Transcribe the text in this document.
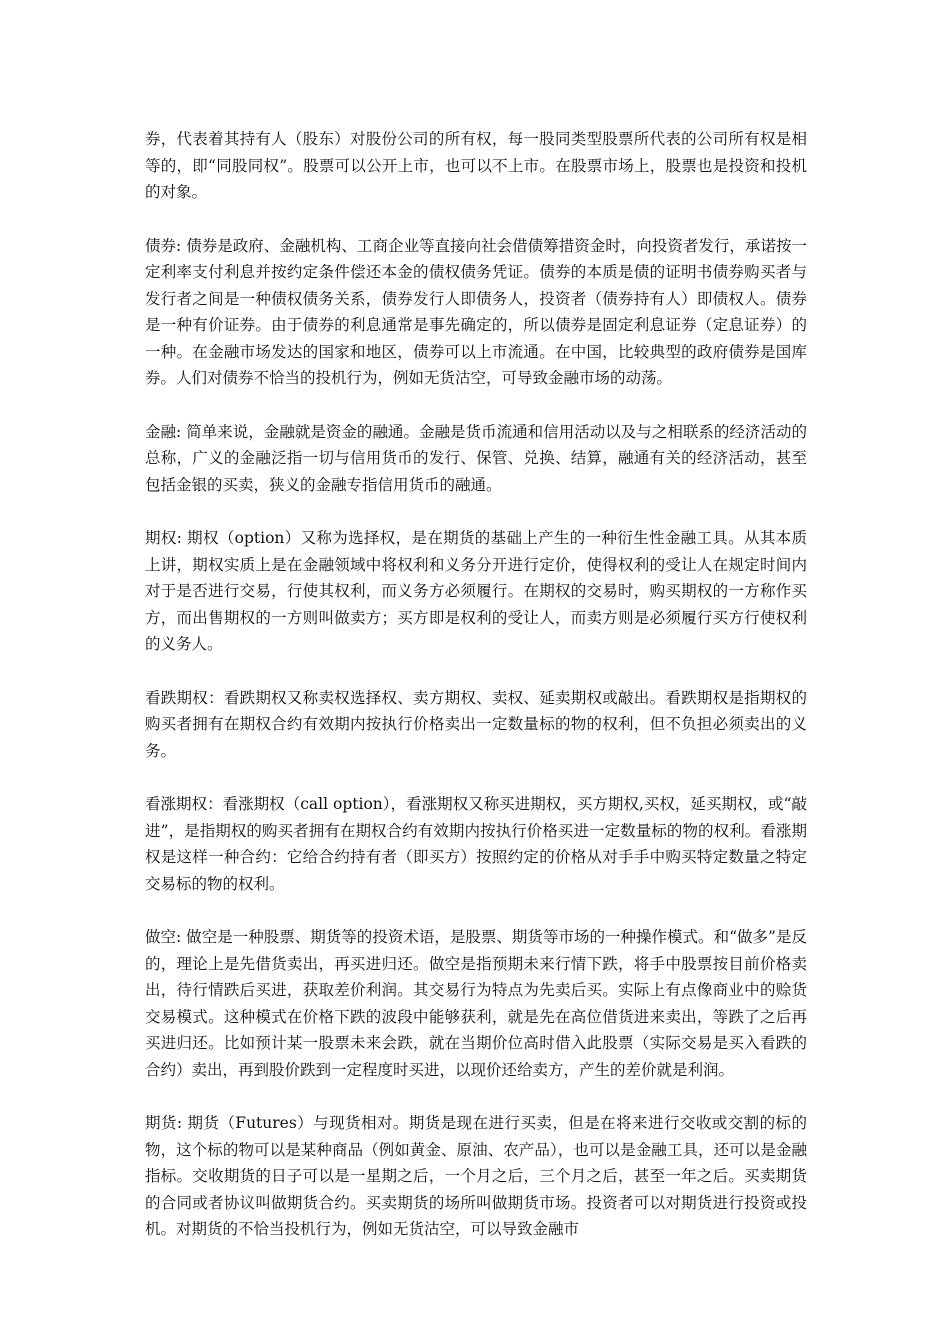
券，代表着其持有人（股东）对股份公司的所有权，每一股同类型股票所代表的公司所有权是相等的，即“同股同权”。股票可以公开上市，也可以不上市。在股票市场上，股票也是投资和投机的对象。

债券: 债券是政府、金融机构、工商企业等直接向社会借债筹措资金时，向投资者发行，承诺按一定利率支付利息并按约定条件偿还本金的债权债务凭证。债券的本质是债的证明书债券购买者与发行者之间是一种债权债务关系，债券发行人即债务人，投资者（债券持有人）即债权人。债券是一种有价证券。由于债券的利息通常是事先确定的，所以债券是固定利息证券（定息证券）的一种。在金融市场发达的国家和地区，债券可以上市流通。在中国，比较典型的政府债券是国库券。人们对债券不恰当的投机行为，例如无货沽空，可导致金融市场的动荡。

金融: 简单来说，金融就是资金的融通。金融是货币流通和信用活动以及与之相联系的经济活动的总称，广义的金融泛指一切与信用货币的发行、保管、兑换、结算，融通有关的经济活动，甚至包括金银的买卖，狭义的金融专指信用货币的融通。

期权: 期权（option）又称为选择权，是在期货的基础上产生的一种衍生性金融工具。从其本质上讲，期权实质上是在金融领域中将权利和义务分开进行定价，使得权利的受让人在规定时间内对于是否进行交易，行使其权利，而义务方必须履行。在期权的交易时，购买期权的一方称作买方，而出售期权的一方则叫做卖方；买方即是权利的受让人，而卖方则是必须履行买方行使权利的义务人。

看跌期权：看跌期权又称卖权选择权、卖方期权、卖权、延卖期权或敲出。看跌期权是指期权的购买者拥有在期权合约有效期内按执行价格卖出一定数量标的物的权利，但不负担必须卖出的义务。

看涨期权：看涨期权（call option），看涨期权又称买进期权，买方期权,买权，延买期权，或“敲进”，是指期权的购买者拥有在期权合约有效期内按执行价格买进一定数量标的物的权利。看涨期权是这样一种合约：它给合约持有者（即买方）按照约定的价格从对手手中购买特定数量之特定交易标的物的权利。

做空: 做空是一种股票、期货等的投资术语，是股票、期货等市场的一种操作模式。和“做多”是反的，理论上是先借货卖出，再买进归还。做空是指预期未来行情下跌，将手中股票按目前价格卖出，待行情跌后买进，获取差价利润。其交易行为特点为先卖后买。实际上有点像商业中的赊货交易模式。这种模式在价格下跌的波段中能够获利，就是先在高位借货进来卖出，等跌了之后再买进归还。比如预计某一股票未来会跌，就在当期价位高时借入此股票（实际交易是买入看跌的合约）卖出，再到股价跌到一定程度时买进，以现价还给卖方，产生的差价就是利润。

期货: 期货（Futures）与现货相对。期货是现在进行买卖，但是在将来进行交收或交割的标的物，这个标的物可以是某种商品（例如黄金、原油、农产品），也可以是金融工具，还可以是金融指标。交收期货的日子可以是一星期之后，一个月之后，三个月之后，甚至一年之后。买卖期货的合同或者协议叫做期货合约。买卖期货的场所叫做期货市场。投资者可以对期货进行投资或投机。对期货的不恰当投机行为，例如无货沽空，可以导致金融市
